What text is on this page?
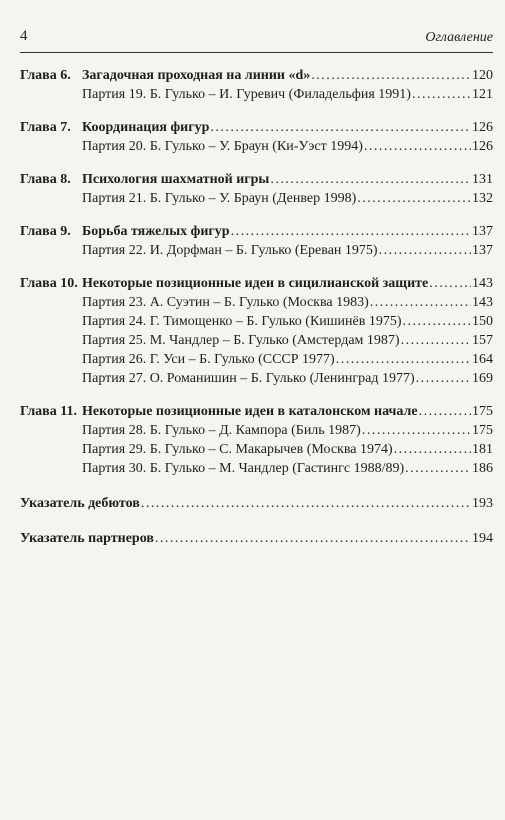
4	Оглавление
Глава 6. Загадочная проходная на линии «d» . . .	120
Партия 19. Б. Гулько – И. Гуревич (Филадельфия 1991) . . .	121
Глава 7. Координация фигур . . .	126
Партия 20. Б. Гулько – У. Браун (Ки-Уэст 1994) . . .	126
Глава 8. Психология шахматной игры . . .	131
Партия 21. Б. Гулько – У. Браун (Денвер 1998) . . .	132
Глава 9. Борьба тяжелых фигур . . .	137
Партия 22. И. Дорфман – Б. Гулько (Ереван 1975) . . .	137
Глава 10. Некоторые позиционные идеи в сицилианской защите . . .	143
Партия 23. А. Суэтин – Б. Гулько (Москва 1983) . . .	143
Партия 24. Г. Тимощенко – Б. Гулько (Кишинёв 1975) . . .	150
Партия 25. М. Чандлер – Б. Гулько (Амстердам 1987) . . .	157
Партия 26. Г. Уси – Б. Гулько (СССР 1977) . . .	164
Партия 27. О. Романишин – Б. Гулько (Ленинград 1977) . . .	169
Глава 11. Некоторые позиционные идеи в каталонском начале . . .	175
Партия 28. Б. Гулько – Д. Кампора (Биль 1987) . . .	175
Партия 29. Б. Гулько – С. Макарычев (Москва 1974) . . .	181
Партия 30. Б. Гулько – М. Чандлер (Гастингс 1988/89) . . .	186
Указатель дебютов . . .	193
Указатель партнеров . . .	194
